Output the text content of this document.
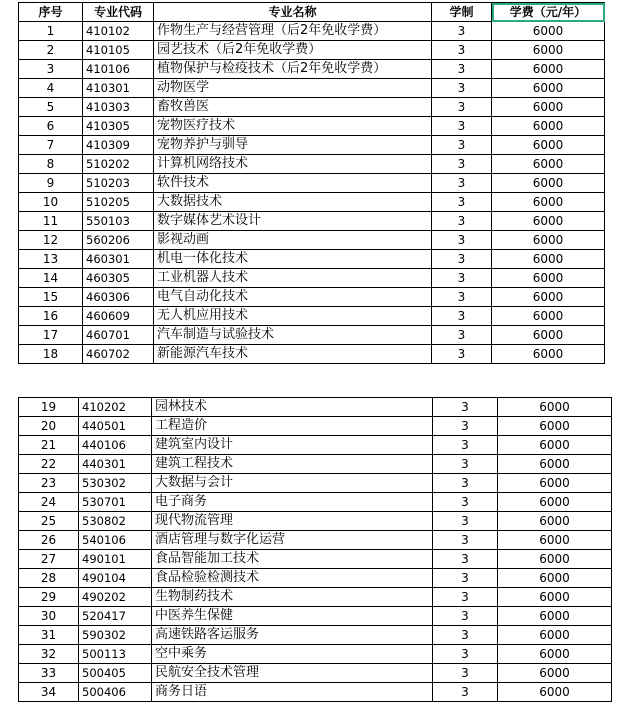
序号	专业代码	专业名称	学制	学费（元/年）
1	410102	作物生产与经营管理（后2年免收学费）	3	6000
2	410105	园艺技术（后2年免收学费）	3	6000
3	410106	植物保护与检疫技术（后2年免收学费）	3	6000
4	410301	动物医学	3	6000
5	410303	畜牧兽医	3	6000
6	410305	宠物医疗技术	3	6000
7	410309	宠物养护与驯导	3	6000
8	510202	计算机网络技术	3	6000
9	510203	软件技术	3	6000
10	510205	大数据技术	3	6000
11	550103	数字媒体艺术设计	3	6000
12	560206	影视动画	3	6000
13	460301	机电一体化技术	3	6000
14	460305	工业机器人技术	3	6000
15	460306	电气自动化技术	3	6000
16	460609	无人机应用技术	3	6000
17	460701	汽车制造与试验技术	3	6000
18	460702	新能源汽车技术	3	6000
19	410202	园林技术	3	6000
20	440501	工程造价	3	6000
21	440106	建筑室内设计	3	6000
22	440301	建筑工程技术	3	6000
23	530302	大数据与会计	3	6000
24	530701	电子商务	3	6000
25	530802	现代物流管理	3	6000
26	540106	酒店管理与数字化运营	3	6000
27	490101	食品智能加工技术	3	6000
28	490104	食品检验检测技术	3	6000
29	490202	生物制药技术	3	6000
30	520417	中医养生保健	3	6000
31	590302	高速铁路客运服务	3	6000
32	500113	空中乘务	3	6000
33	500405	民航安全技术管理	3	6000
34	500406	商务日语	3	6000
